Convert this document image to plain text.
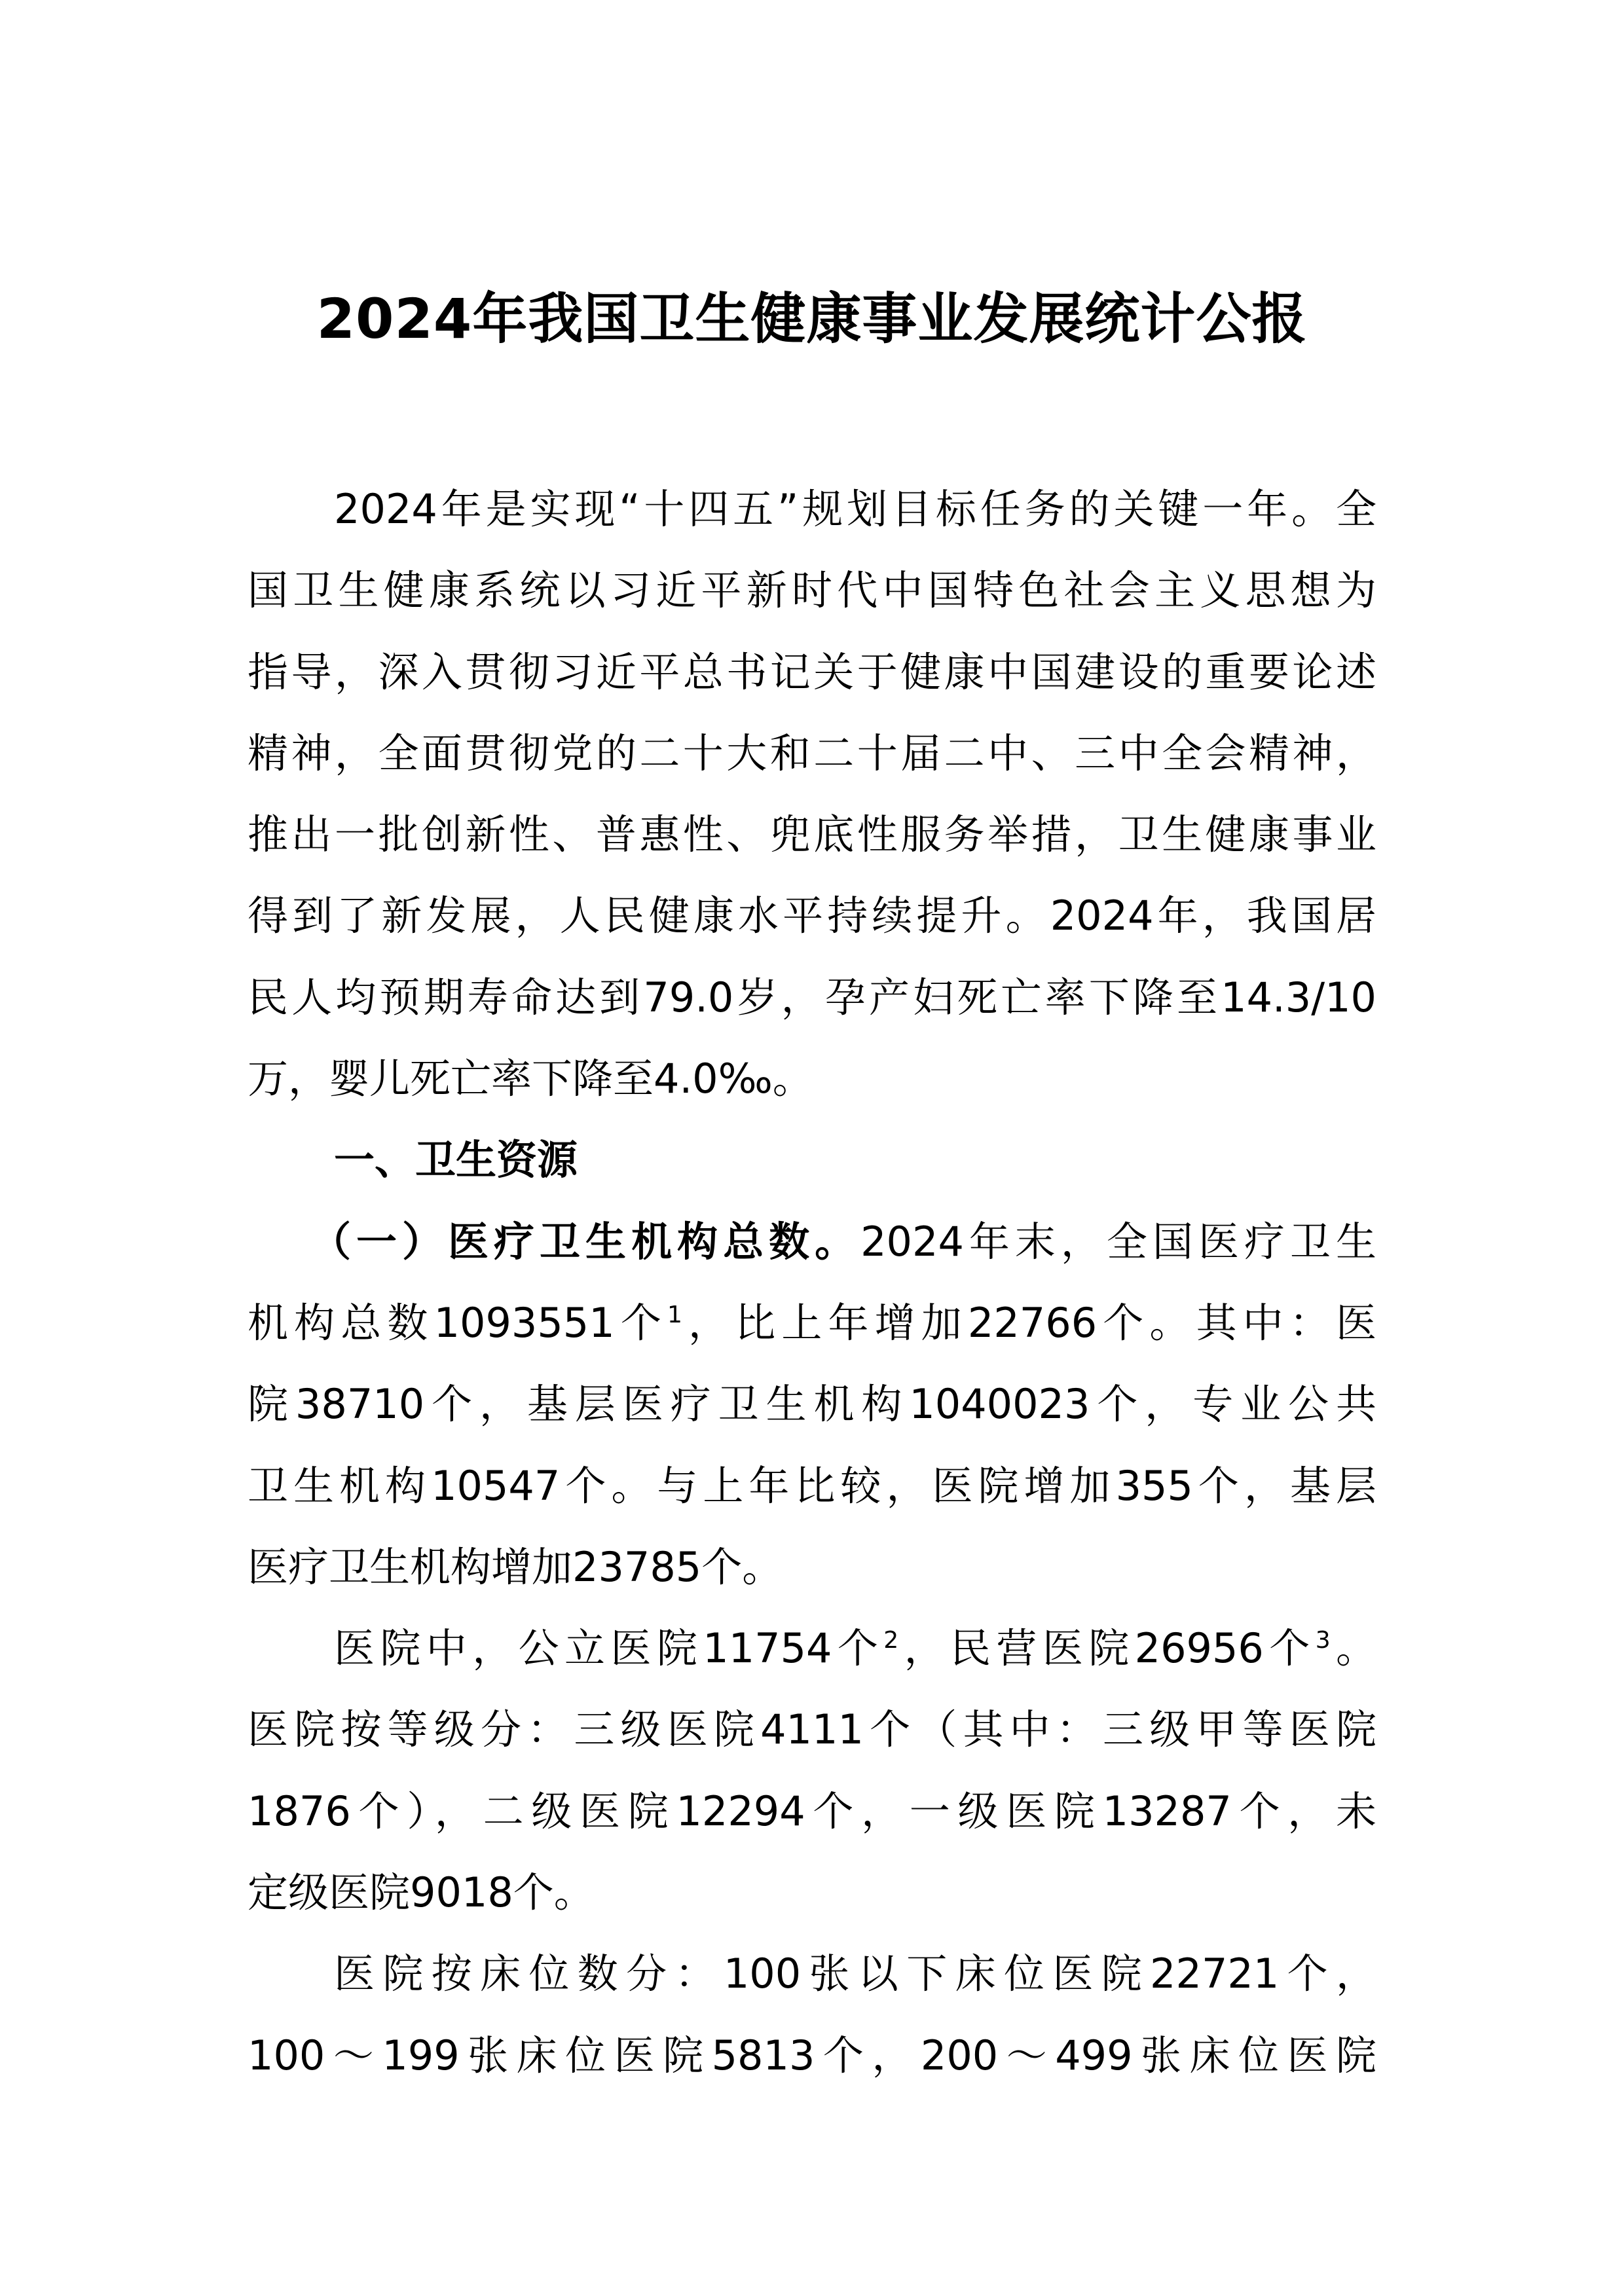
2024年我国卫生健康事业发展统计公报
2024年是实现“十四五”规划目标任务的关键一年。全
国卫生健康系统以习近平新时代中国特色社会主义思想为
指导，深入贯彻习近平总书记关于健康中国建设的重要论述
精神，全面贯彻党的二十大和二十届二中、三中全会精神，
推出一批创新性、普惠性、兜底性服务举措，卫生健康事业
得到了新发展，人民健康水平持续提升。2024年，我国居
民人均预期寿命达到79.0岁，孕产妇死亡率下降至14.3/10
万，婴儿死亡率下降至4.0‰。
一、卫生资源
（一）医疗卫生机构总数。2024年末，全国医疗卫生
机构总数1093551个$^1$，比上年增加22766个。其中：医
院38710个，基层医疗卫生机构1040023个，专业公共
卫生机构10547个。与上年比较，医院增加355个，基层
医疗卫生机构增加23785个。
医院中，公立医院11754个$^2$，民营医院26956个$^3$。
医院按等级分：三级医院4111个（其中：三级甲等医院
1876个），二级医院12294个，一级医院13287个，未
定级医院9018个。
医院按床位数分：100张以下床位医院22721个，
100～199张床位医院5813个，200～499张床位医院
